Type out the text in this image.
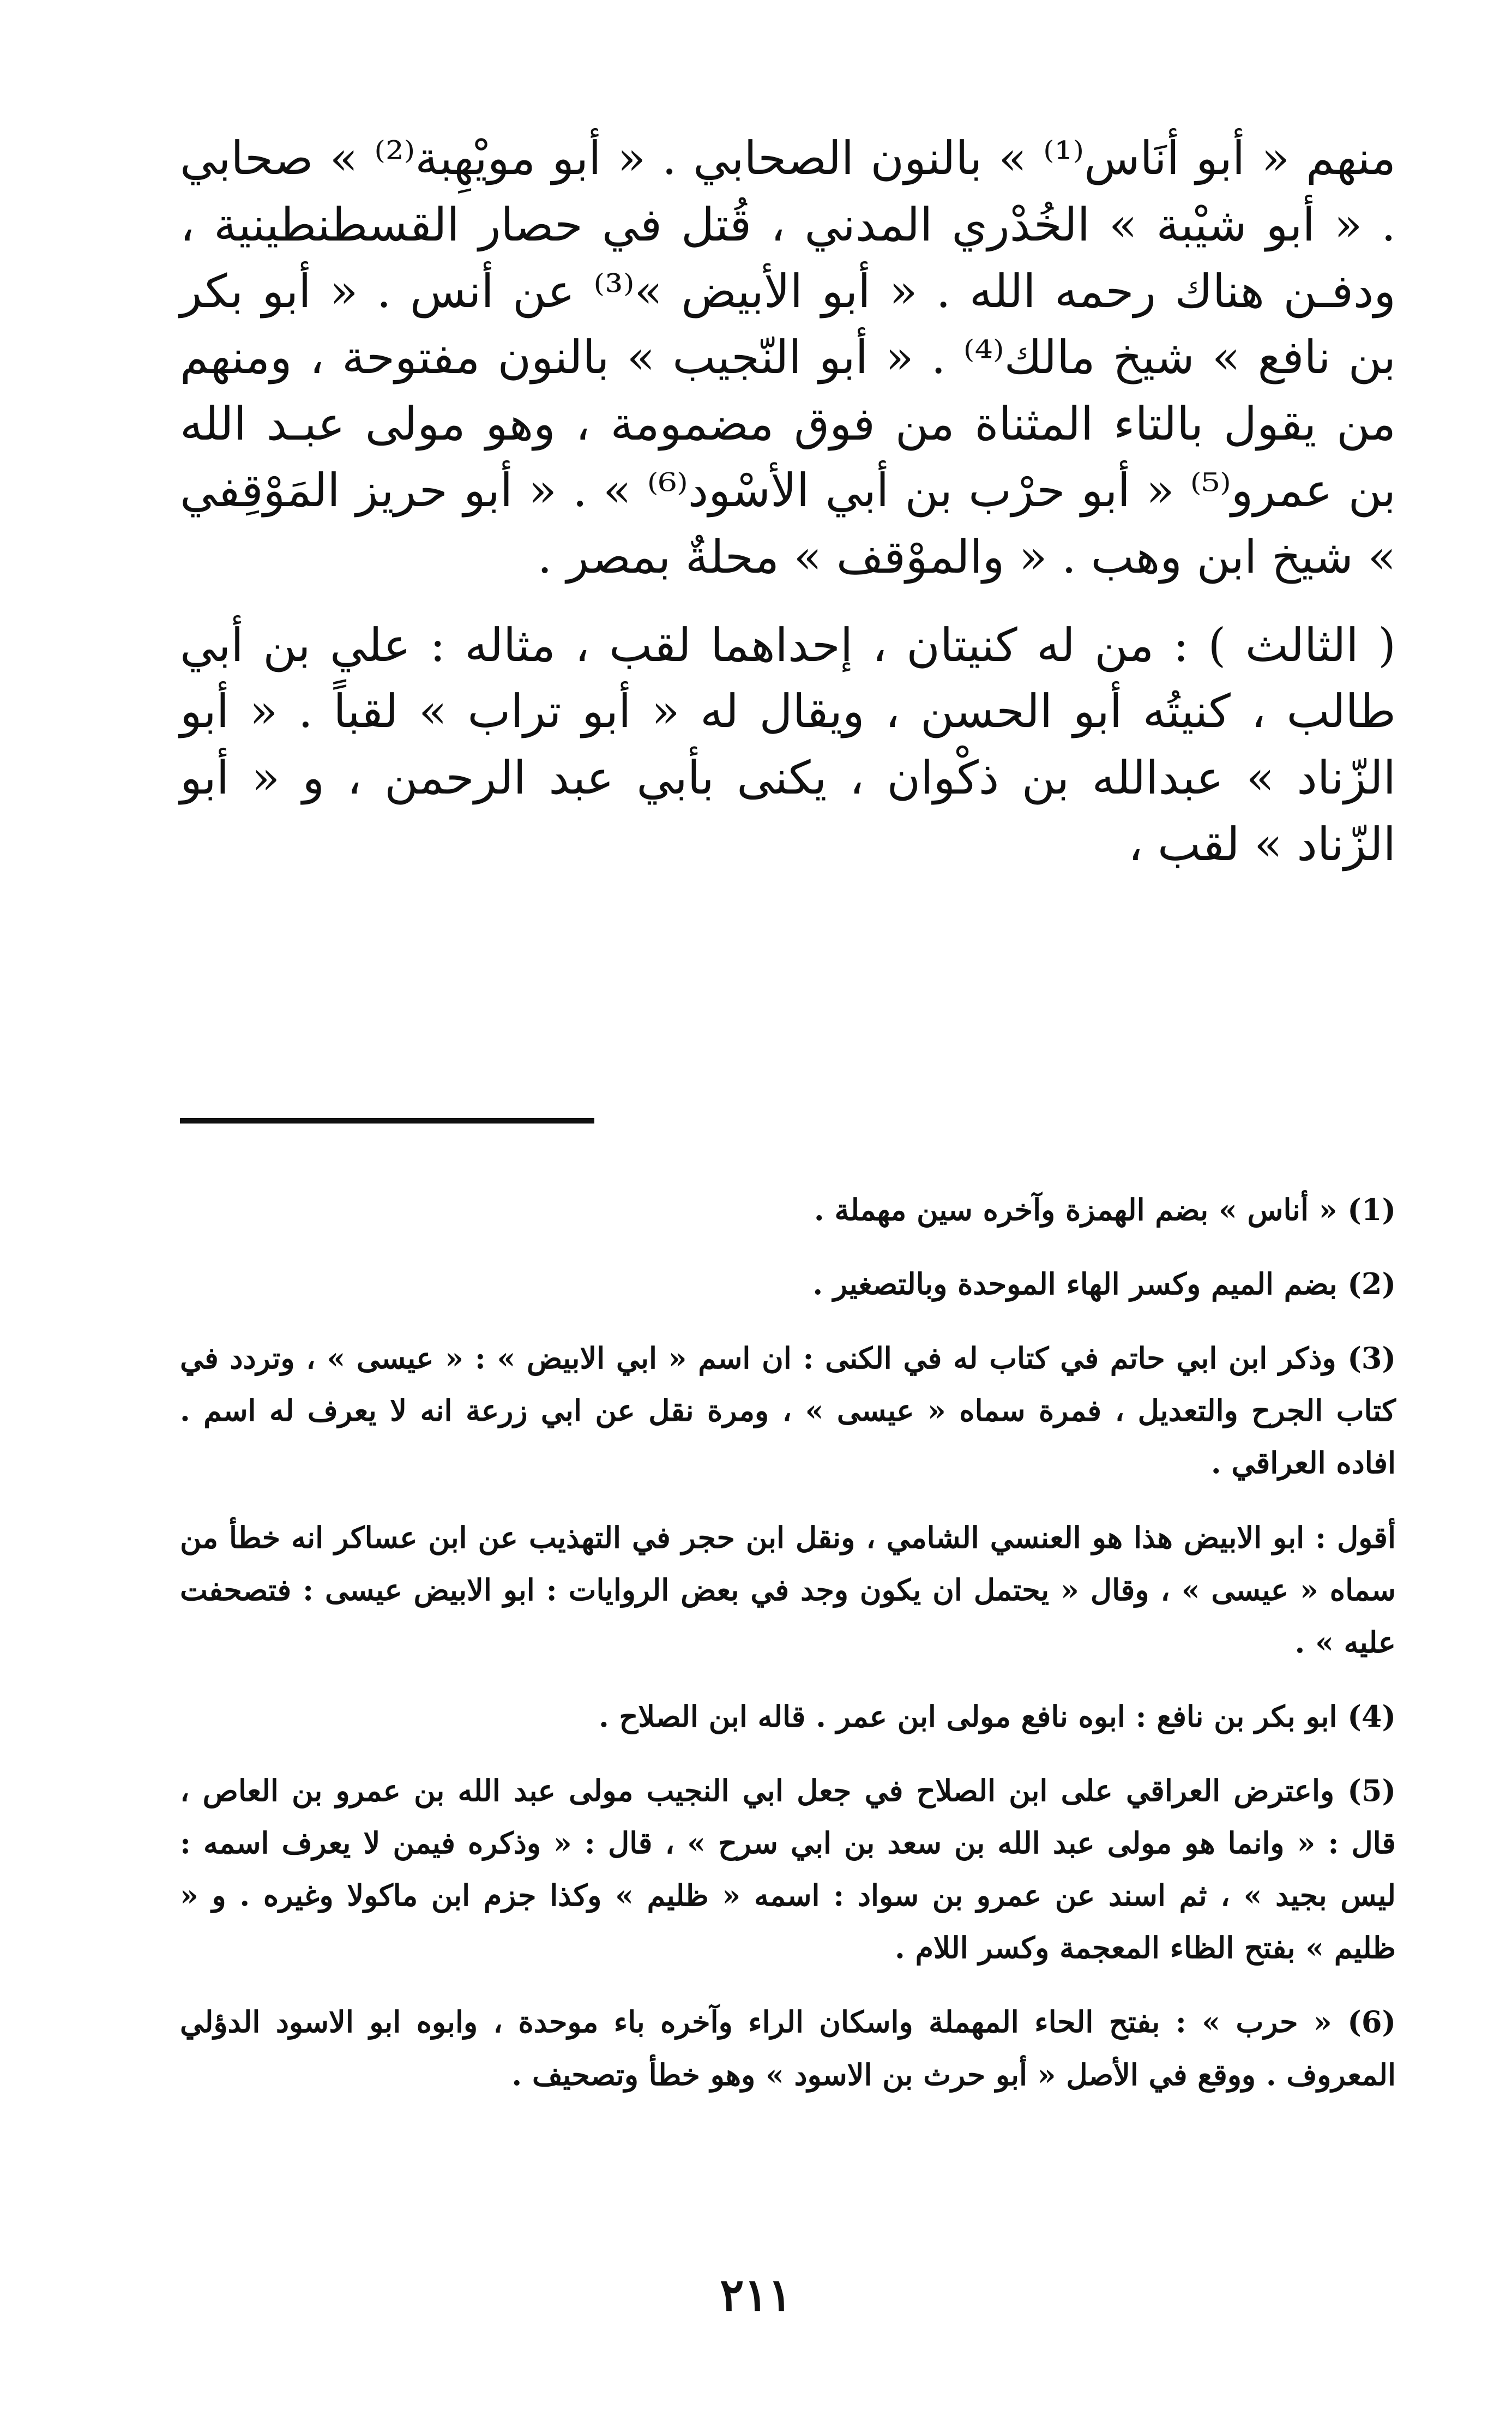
منهم « أبو أنَاس⁽¹⁾ » بالنون الصحابي . « أبو مويْهِبة⁽²⁾ » صحابي . « أبو شيْبة » الخُدْري المدني ، قُتل في حصار القسطنطينية ، ودفـن هناك رحمه الله . « أبو الأبيض »⁽³⁾ عن أنس . « أبو بكر بن نافع » شيخ مالك⁽⁴⁾ . « أبو النّجيب » بالنون مفتوحة ، ومنهم من يقول بالتاء المثناة من فوق مضمومة ، وهو مولى عبـد الله بن عمرو⁽⁵⁾ « أبو حرْب بن أبي الأسْود⁽⁶⁾ » . « أبو حريز المَوْقِفي » شيخ ابن وهب . « والموْقف » محلةٌ بمصر .

( الثالث ) : من له كنيتان ، إحداهما لقب ، مثاله : علي بن أبي طالب ، كنيتُه أبو الحسن ، ويقال له « أبو تراب » لقباً . « أبو الزّناد » عبدالله بن ذكْوان ، يكنى بأبي عبد الرحمن ، و « أبو الزّناد » لقب ،

(1) « أناس » بضم الهمزة وآخره سين مهملة .

(2) بضم الميم وكسر الهاء الموحدة وبالتصغير .

(3) وذكر ابن ابي حاتم في كتاب له في الكنى : ان اسم « ابي الابيض » : « عيسى » ، وتردد في كتاب الجرح والتعديل ، فمرة سماه « عيسى » ، ومرة نقل عن ابي زرعة انه لا يعرف له اسم . افاده العراقي .

أقول : ابو الابيض هذا هو العنسي الشامي ، ونقل ابن حجر في التهذيب عن ابن عساكر انه خطأ من سماه « عيسى » ، وقال « يحتمل ان يكون وجد في بعض الروايات : ابو الابيض عيسى : فتصحفت عليه » .

(4) ابو بكر بن نافع : ابوه نافع مولى ابن عمر . قاله ابن الصلاح .

(5) واعترض العراقي على ابن الصلاح في جعل ابي النجيب مولى عبد الله بن عمرو بن العاص ، قال : « وانما هو مولى عبد الله بن سعد بن ابي سرح » ، قال : « وذكره فيمن لا يعرف اسمه : ليس بجيد » ، ثم اسند عن عمرو بن سواد : اسمه « ظليم » وكذا جزم ابن ماكولا وغيره . و « ظليم » بفتح الظاء المعجمة وكسر اللام .

(6) « حرب » : بفتح الحاء المهملة واسكان الراء وآخره باء موحدة ، وابوه ابو الاسود الدؤلي المعروف . ووقع في الأصل « أبو حرث بن الاسود » وهو خطأ وتصحيف .

٢١١
